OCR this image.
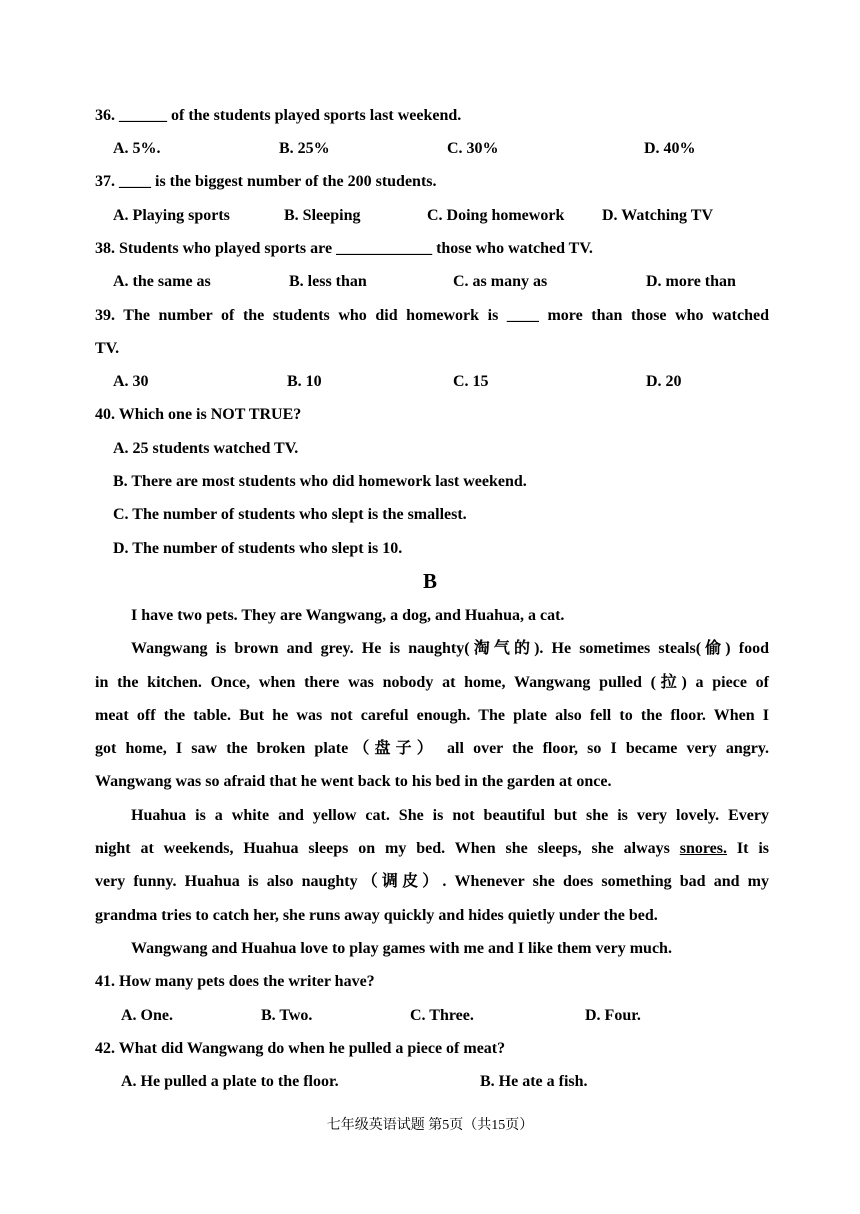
36. ______ of the students played sports last weekend.
A. 5%.	B. 25%	C. 30%	D. 40%
37. ____ is the biggest number of the 200 students.
A. Playing sports	B. Sleeping	C. Doing homework D. Watching TV
38. Students who played sports are ____________ those who watched TV.
A. the same as	B. less than	C. as many as	D. more than
39. The number of the students who did homework is ____ more than those who watched
TV.
A. 30	B. 10	C. 15	D. 20
40. Which one is NOT TRUE?
A. 25 students watched TV.
B. There are most students who did homework last weekend.
C. The number of students who slept is the smallest.
D. The number of students who slept is 10.
B
I have two pets. They are Wangwang, a dog, and Huahua, a cat.
Wangwang is brown and grey. He is naughty(淘气的). He sometimes steals(偷) food
in the kitchen. Once, when there was nobody at home, Wangwang pulled (拉) a piece of
meat off the table. But he was not careful enough. The plate also fell to the floor. When I
got home, I saw the broken plate（盘子） all over the floor, so I became very angry.
Wangwang was so afraid that he went back to his bed in the garden at once.
Huahua is a white and yellow cat. She is not beautiful but she is very lovely. Every
night at weekends, Huahua sleeps on my bed. When she sleeps, she always snores. It is
very funny. Huahua is also naughty（调皮）. Whenever she does something bad and my
grandma tries to catch her, she runs away quickly and hides quietly under the bed.
Wangwang and Huahua love to play games with me and I like them very much.
41. How many pets does the writer have?
A. One.	B. Two.	C. Three.	D. Four.
42. What did Wangwang do when he pulled a piece of meat?
A. He pulled a plate to the floor.	B. He ate a fish.
七年级英语试题 第5页（共15页）
